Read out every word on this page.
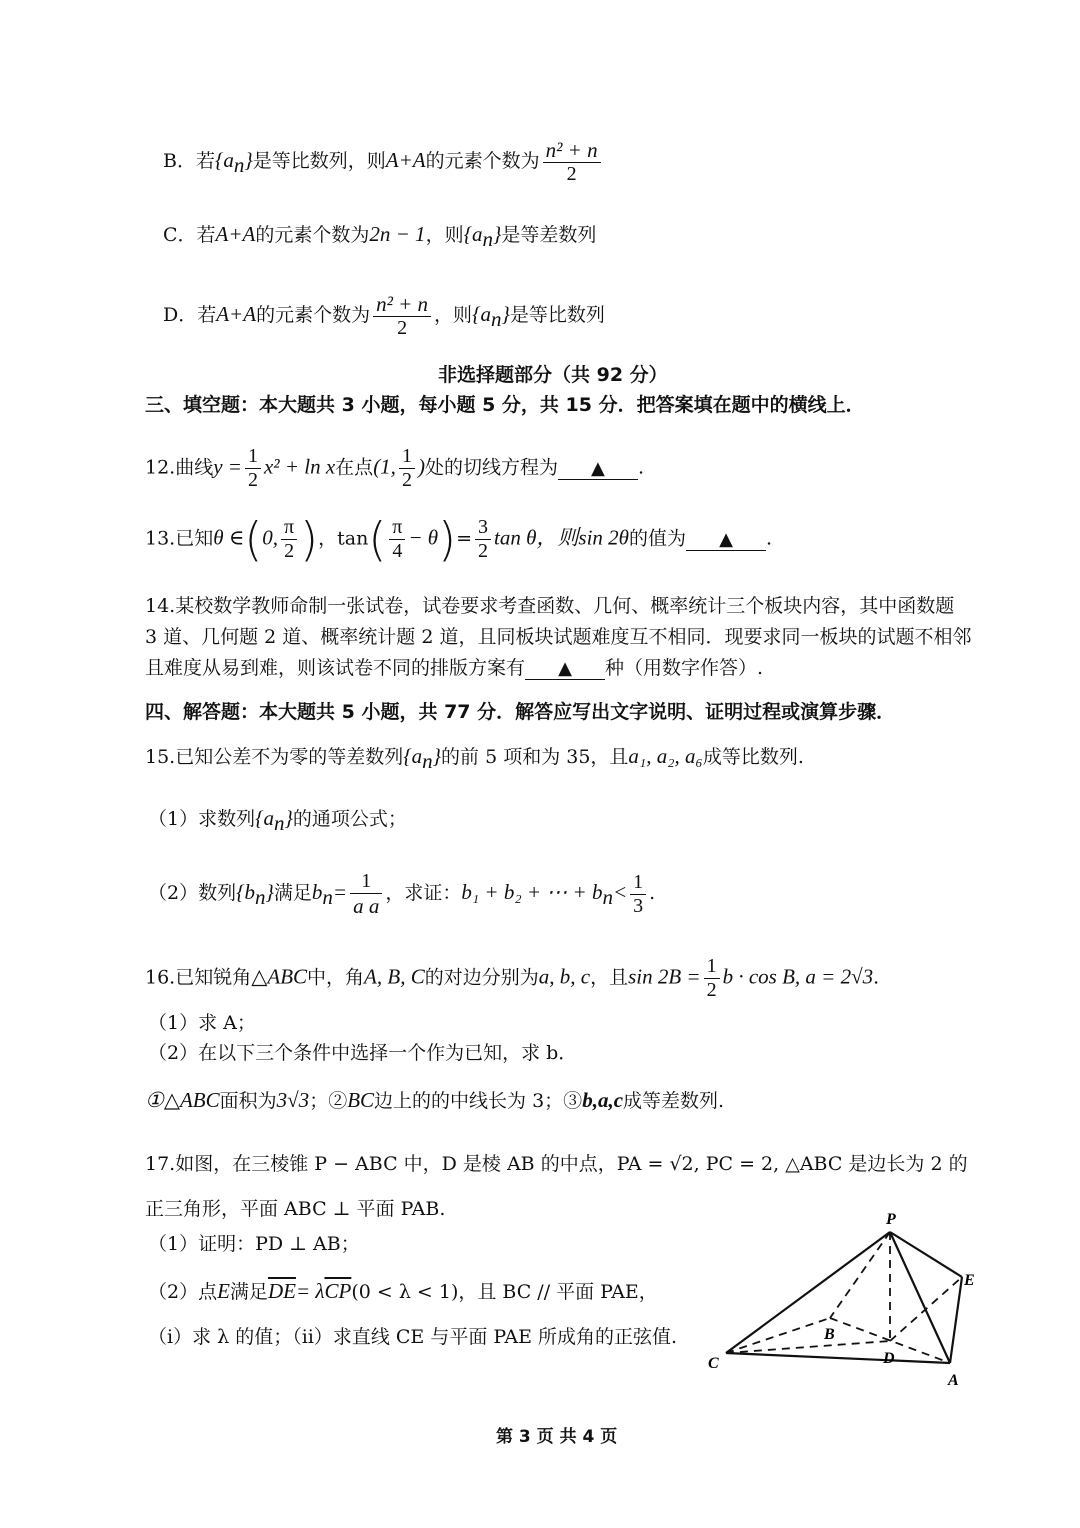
B．若$\{a_n\}$是等比数列，则A+A的元素个数为 $\frac{\text{n² + n}}{2}$
C．若A+A的元素个数为2n − 1，则$\{a_n\}$是等差数列
D．若A+A的元素个数为 $\frac{\text{n² + n}}{2}$ ，则$\{a_n\}$是等比数列
非选择题部分（共 92 分）
三、填空题：本大题共 3 小题，每小题 5 分，共 15 分．把答案填在题中的横线上．
12.曲线$y = \frac{1}{2} x^2 + \ln x$在点(1, $\frac{1}{2}$ )处的切线方程为 ▲ .
13.已知θ ∈(0, $\frac{\pi}{2}$ )，$\tan( \frac{\pi}{4} - \theta)= \frac{3}{2}$ tan θ，则sin 2θ的值为 ▲ .
14.某校数学教师命制一张试卷，试卷要求考查函数、几何、概率统计三个板块内容，其中函数题
3 道、几何题 2 道、概率统计题 2 道，且同板块试题难度互不相同．现要求同一板块的试题不相邻
且难度从易到难，则该试卷不同的排版方案有 ▲ 种（用数字作答）.
四、解答题：本大题共 5 小题，共 77 分．解答应写出文字说明、证明过程或演算步骤．
15.已知公差不为零的等差数列$\{a_n\}$的前 5 项和为 35，且a₁, a₂, a₆成等比数列.
（1）求数列$\{a_n\}$的通项公式；
（2）数列$\{b_n\}$满足$b_n= \frac{1}{\text{a a}}$ ，求证：b₁ + b₂ + ⋯ + $b_n< \frac{1}{3}$ .
16.已知锐角△ABC中，角A, B, C的对边分别为a, b, c，且$\sin 2B = \frac{1}{2}$ b · cos B, a = 2√3.
（1）求 A；
（2）在以下三个条件中选择一个作为已知，求 b．
①△ABC面积为3√3；②BC边上的的中线长为 3；③b,a,c成等差数列.
17.如图，在三棱锥 P − ABC 中，D 是棱 AB 的中点，PA = √2, PC = 2, △ABC 是边长为 2 的
正三角形，平面 ABC ⊥ 平面 PAB.
（1）证明：PD ⊥ AB；
（2）点E满足$\overline{DE}= \lambda\overline{CP}(0 < \lambda < 1)$，且 BC // 平面 PAE，
（ⅰ）求 λ 的值；（ⅱ）求直线 CE 与平面 PAE 所成角的正弦值.
P
E
B
D
C
A
第 3 页 共 4 页
